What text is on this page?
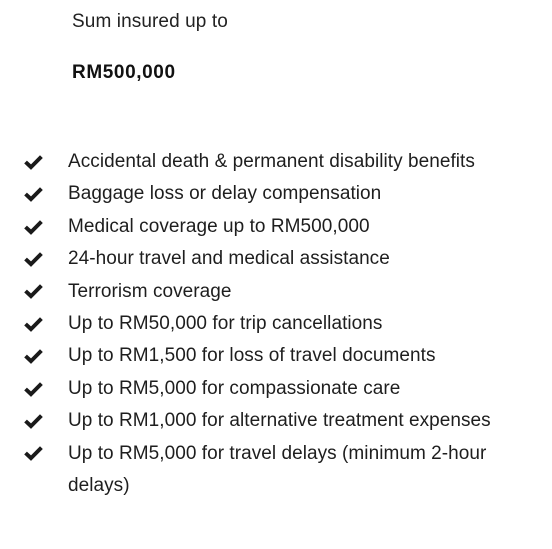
Sum insured up to
RM500,000
Accidental death & permanent disability benefits
Baggage loss or delay compensation
Medical coverage up to RM500,000
24-hour travel and medical assistance
Terrorism coverage
Up to RM50,000 for trip cancellations
Up to RM1,500 for loss of travel documents
Up to RM5,000 for compassionate care
Up to RM1,000 for alternative treatment expenses
Up to RM5,000 for travel delays (minimum 2-hour delays)
